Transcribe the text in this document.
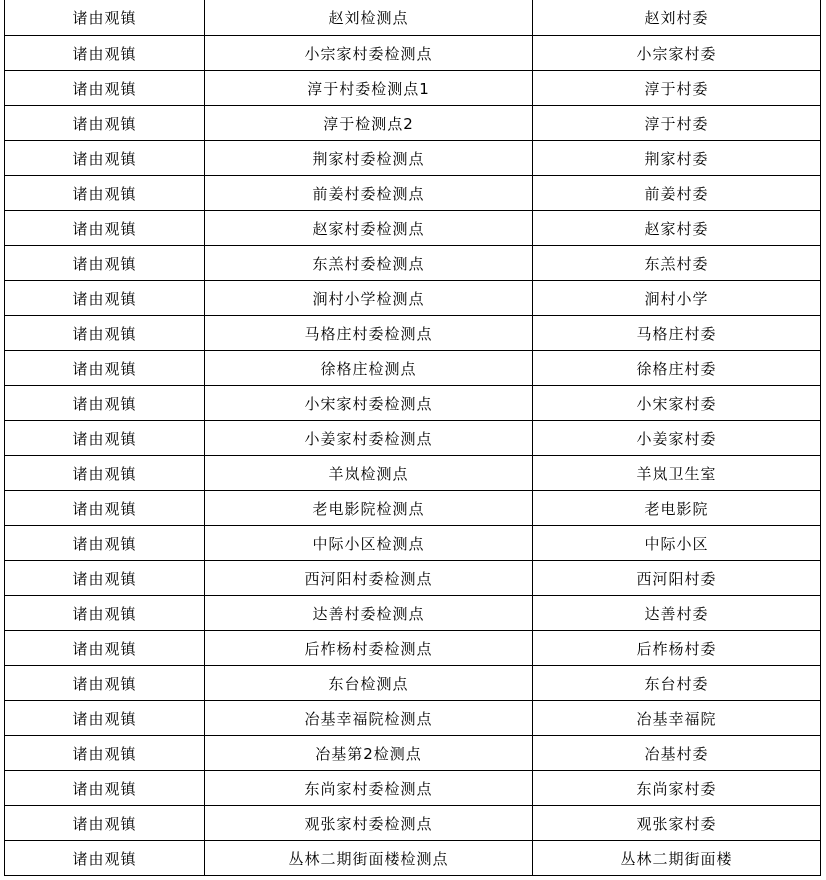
诸由观镇	赵刘检测点	赵刘村委
诸由观镇	小宗家村委检测点	小宗家村委
诸由观镇	淳于村委检测点1	淳于村委
诸由观镇	淳于检测点2	淳于村委
诸由观镇	荆家村委检测点	荆家村委
诸由观镇	前姜村委检测点	前姜村委
诸由观镇	赵家村委检测点	赵家村委
诸由观镇	东羔村委检测点	东羔村委
诸由观镇	涧村小学检测点	涧村小学
诸由观镇	马格庄村委检测点	马格庄村委
诸由观镇	徐格庄检测点	徐格庄村委
诸由观镇	小宋家村委检测点	小宋家村委
诸由观镇	小姜家村委检测点	小姜家村委
诸由观镇	羊岚检测点	羊岚卫生室
诸由观镇	老电影院检测点	老电影院
诸由观镇	中际小区检测点	中际小区
诸由观镇	西河阳村委检测点	西河阳村委
诸由观镇	达善村委检测点	达善村委
诸由观镇	后柞杨村委检测点	后柞杨村委
诸由观镇	东台检测点	东台村委
诸由观镇	冶基幸福院检测点	冶基幸福院
诸由观镇	冶基第2检测点	冶基村委
诸由观镇	东尚家村委检测点	东尚家村委
诸由观镇	观张家村委检测点	观张家村委
诸由观镇	丛林二期街面楼检测点	丛林二期街面楼
